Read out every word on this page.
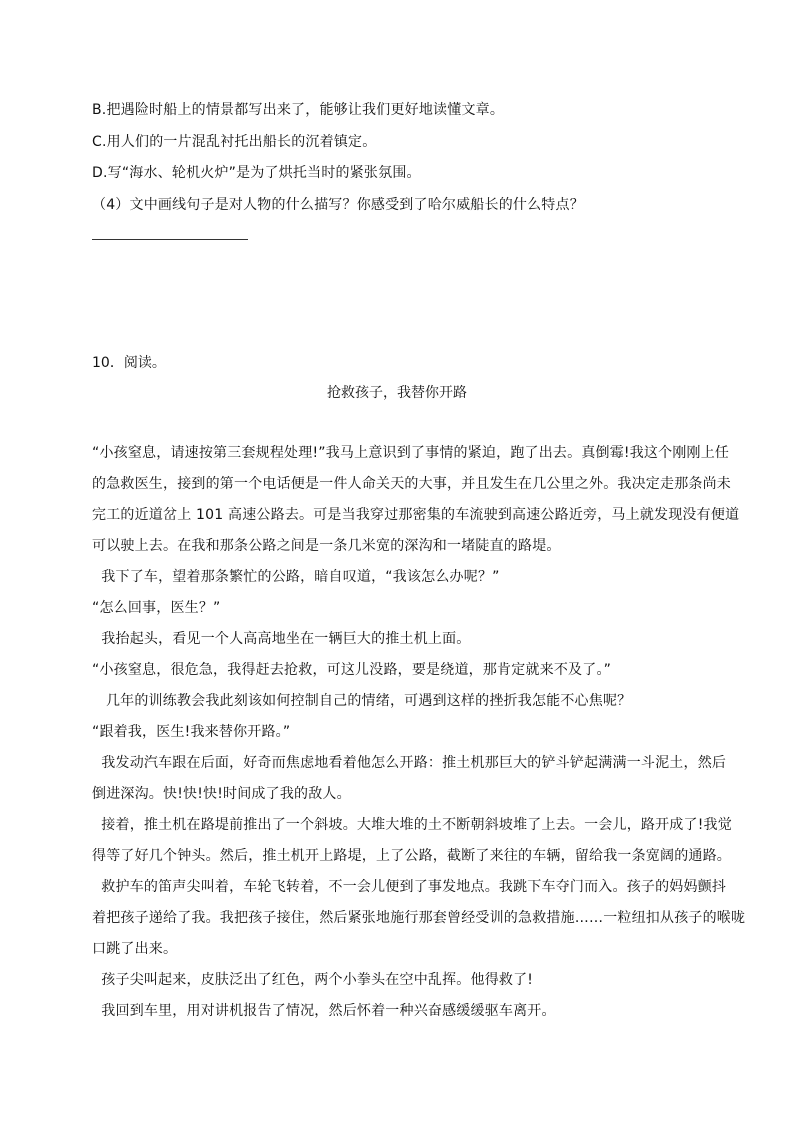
B.把遇险时船上的情景都写出来了，能够让我们更好地读懂文章。
C.用人们的一片混乱衬托出船长的沉着镇定。
D.写“海水、轮机火炉”是为了烘托当时的紧张氛围。
（4）文中画线句子是对人物的什么描写？你感受到了哈尔威船长的什么特点？
10．阅读。
抢救孩子，我替你开路
“小孩窒息，请速按第三套规程处理!”我马上意识到了事情的紧迫，跑了出去。真倒霉!我这个刚刚上任
的急救医生，接到的第一个电话便是一件人命关天的大事，并且发生在几公里之外。我决定走那条尚未
完工的近道岔上 101 高速公路去。可是当我穿过那密集的车流驶到高速公路近旁，马上就发现没有便道
可以驶上去。在我和那条公路之间是一条几米宽的深沟和一堵陡直的路堤。
我下了车，望着那条繁忙的公路，暗自叹道，“我该怎么办呢？”
“怎么回事，医生？”
我抬起头，看见一个人高高地坐在一辆巨大的推土机上面。
“小孩窒息，很危急，我得赶去抢救，可这儿没路，要是绕道，那肯定就来不及了。”
几年的训练教会我此刻该如何控制自己的情绪，可遇到这样的挫折我怎能不心焦呢？
“跟着我，医生!我来替你开路。”
我发动汽车跟在后面，好奇而焦虑地看着他怎么开路：推土机那巨大的铲斗铲起满满一斗泥土，然后
倒进深沟。快!快!快!时间成了我的敌人。
接着，推土机在路堤前推出了一个斜坡。大堆大堆的土不断朝斜坡堆了上去。一会儿，路开成了!我觉
得等了好几个钟头。然后，推土机开上路堤，上了公路，截断了来往的车辆，留给我一条宽阔的通路。
救护车的笛声尖叫着，车轮飞转着，不一会儿便到了事发地点。我跳下车夺门而入。孩子的妈妈颤抖
着把孩子递给了我。我把孩子接住，然后紧张地施行那套曾经受训的急救措施……一粒纽扣从孩子的喉咙
口跳了出来。
孩子尖叫起来，皮肤泛出了红色，两个小拳头在空中乱挥。他得救了!
我回到车里，用对讲机报告了情况，然后怀着一种兴奋感缓缓驱车离开。
